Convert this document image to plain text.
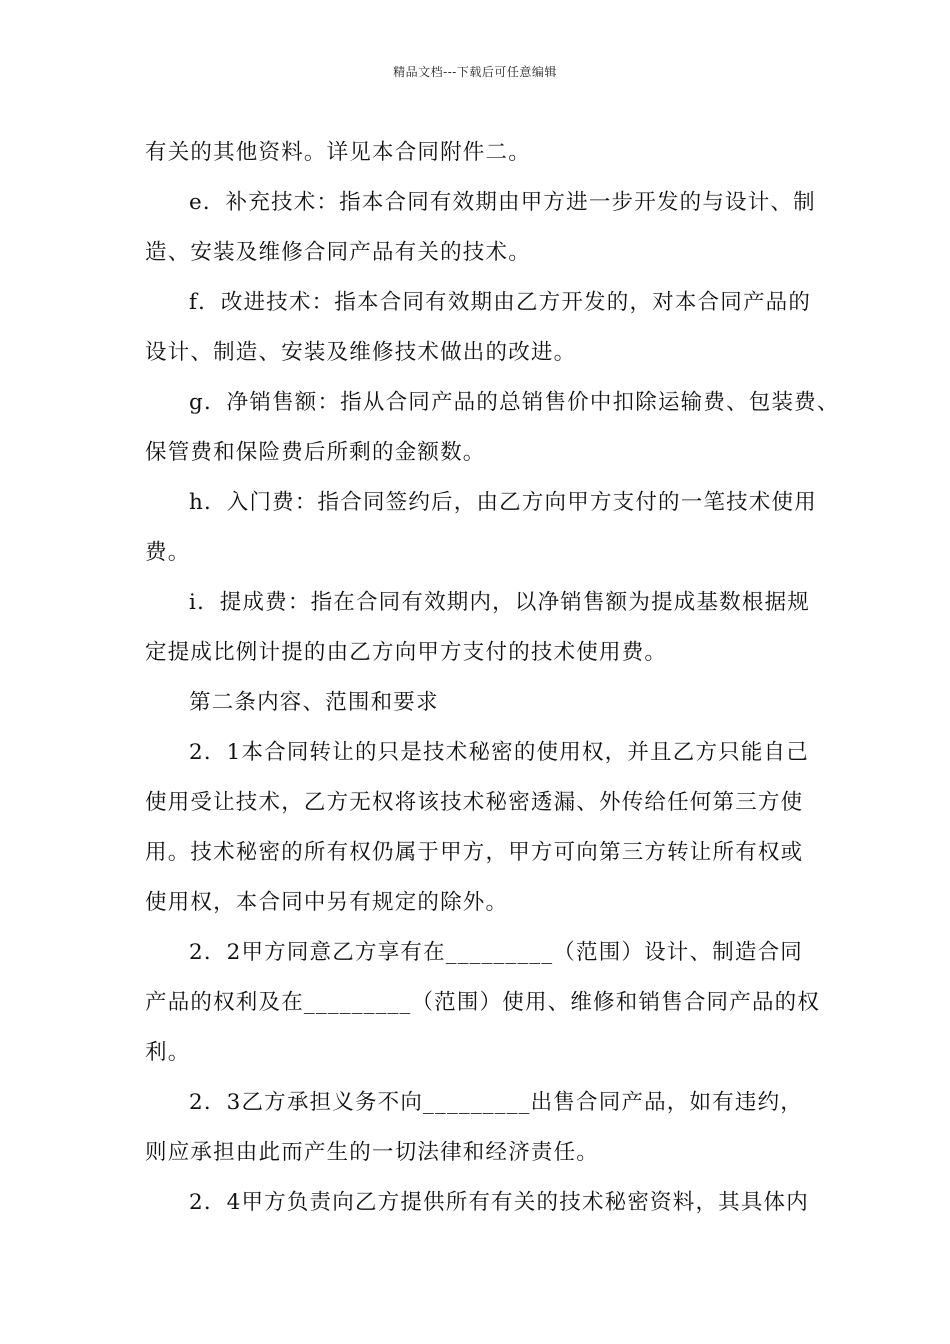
精品文档---下载后可任意编辑
有关的其他资料。详见本合同附件二。
e．补充技术：指本合同有效期由甲方进一步开发的与设计、制
造、安装及维修合同产品有关的技术。
f．改进技术：指本合同有效期由乙方开发的，对本合同产品的
设计、制造、安装及维修技术做出的改进。
g．净销售额：指从合同产品的总销售价中扣除运输费、包装费、
保管费和保险费后所剩的金额数。
h．入门费：指合同签约后，由乙方向甲方支付的一笔技术使用
费。
i．提成费：指在合同有效期内，以净销售额为提成基数根据规
定提成比例计提的由乙方向甲方支付的技术使用费。
第二条内容、范围和要求
2．1本合同转让的只是技术秘密的使用权，并且乙方只能自己
使用受让技术，乙方无权将该技术秘密透漏、外传给任何第三方使
用。技术秘密的所有权仍属于甲方，甲方可向第三方转让所有权或
使用权，本合同中另有规定的除外。
2．2甲方同意乙方享有在_________（范围）设计、制造合同
产品的权利及在_________（范围）使用、维修和销售合同产品的权
利。
2．3乙方承担义务不向_________出售合同产品，如有违约，
则应承担由此而产生的一切法律和经济责任。
2．4甲方负责向乙方提供所有有关的技术秘密资料，其具体内
